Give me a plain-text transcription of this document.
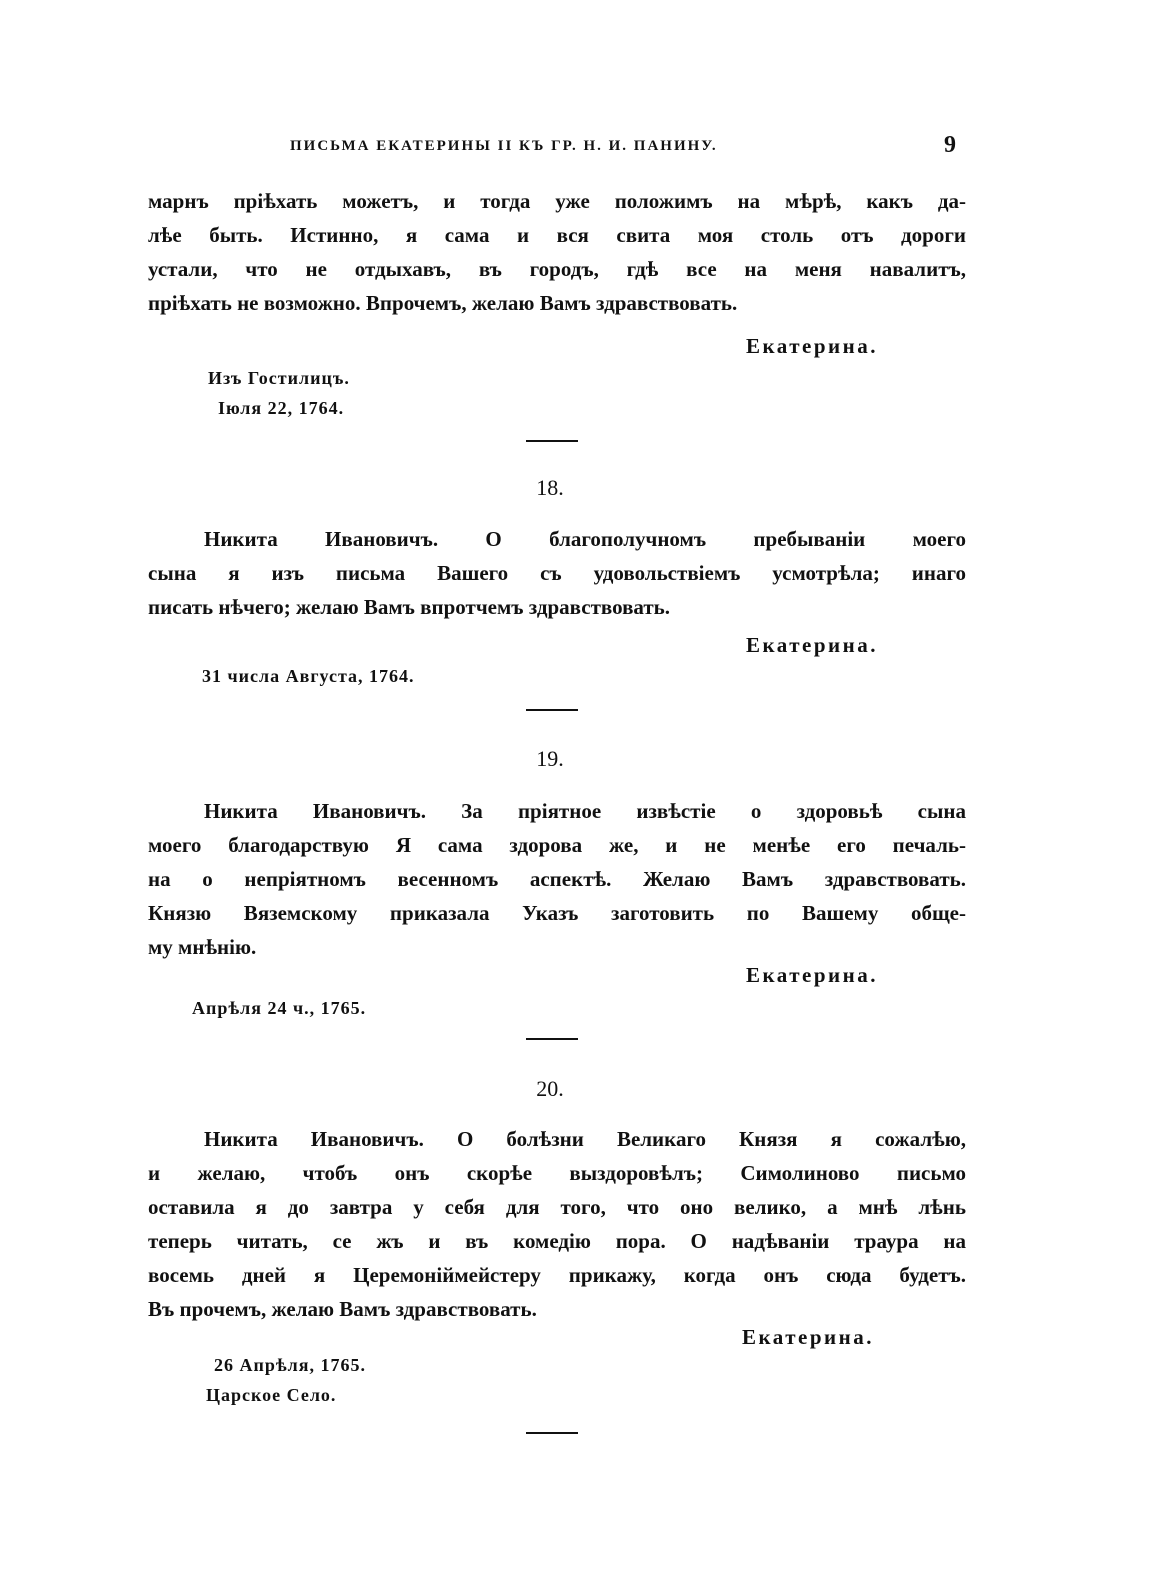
ПИСЬМА ЕКАТЕРИНЫ II КЪ ГР. Н. И. ПАНИНУ.	9
марнъ пріѣхать можетъ, и тогда уже положимъ на мѣрѣ, какъ да-
лѣе быть. Истинно, я сама и вся свита моя столь отъ дороги
устали, что не отдыхавъ, въ городъ, гдѣ все на меня навалитъ,
пріѣхать не возможно. Впрочемъ, желаю Вамъ здравствовать.
Екатерина.
Изъ Гостилицъ.
Іюля 22, 1764.
18.
Никита Ивановичъ. О благополучномъ пребываніи моего
сына я изъ письма Вашего съ удовольствіемъ усмотрѣла; инаго
писать нѣчего; желаю Вамъ впротчемъ здравствовать.
Екатерина.
31 числа Августа, 1764.
19.
Никита Ивановичъ. За пріятное извѣстіе о здоровьѣ сына
моего благодарствую Я сама здорова же, и не менѣе его печаль-
на о непріятномъ весенномъ аспектѣ. Желаю Вамъ здравствовать.
Князю Вяземскому приказала Указъ заготовить по Вашему обще-
му мнѣнію.
Екатерина.
Апрѣля 24 ч., 1765.
20.
Никита Ивановичъ. О болѣзни Великаго Князя я сожалѣю,
и желаю, чтобъ онъ скорѣе выздоровѣлъ; Симолиново письмо
оставила я до завтра у себя для того, что оно велико, а мнѣ лѣнь
теперь читать, се жъ и въ комедію пора. О надѣваніи траура на
восемь дней я Церемоніймейстеру прикажу, когда онъ сюда будетъ.
Въ прочемъ, желаю Вамъ здравствовать.
Екатерина.
26 Апрѣля, 1765.
Царское Село.
